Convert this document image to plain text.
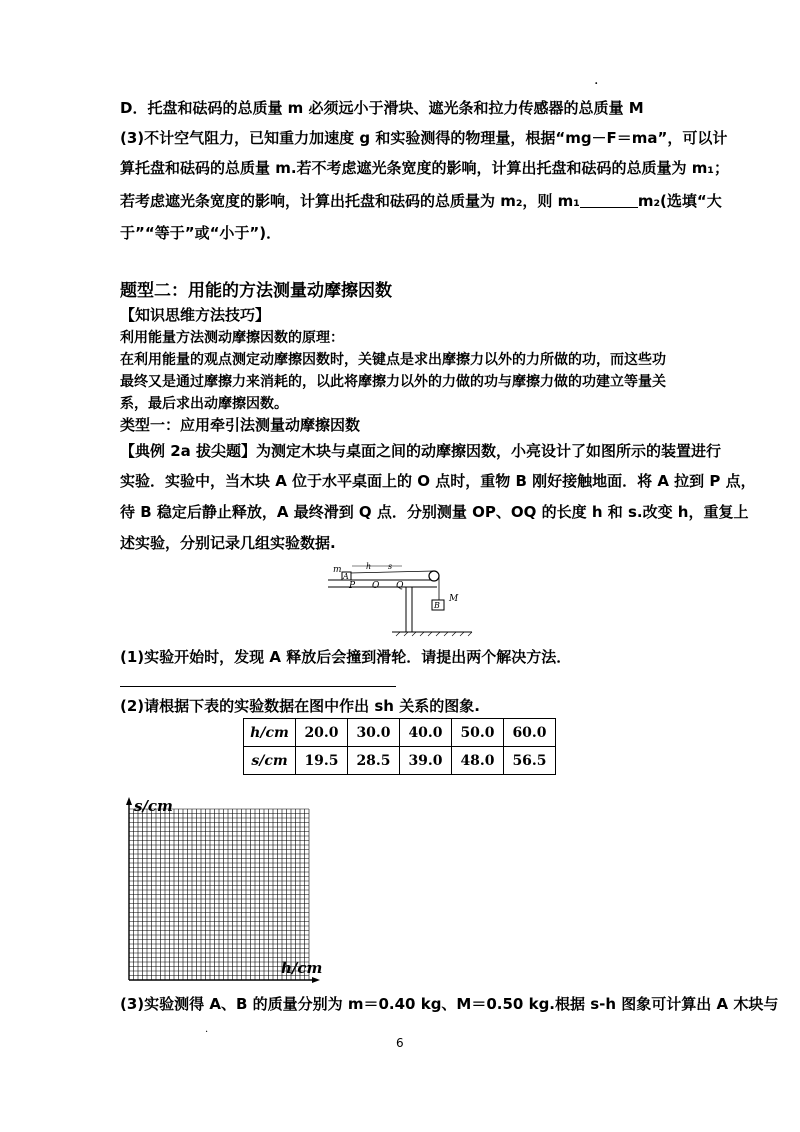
.
D．托盘和砝码的总质量 m 必须远小于滑块、遮光条和拉力传感器的总质量 M
(3)不计空气阻力，已知重力加速度 g 和实验测得的物理量，根据“mg－F＝ma”，可以计
算托盘和砝码的总质量 m.若不考虑遮光条宽度的影响，计算出托盘和砝码的总质量为 m₁；
若考虑遮光条宽度的影响，计算出托盘和砝码的总质量为 m₂，则 m₁	m₂(选填“大
于”“等于”或“小于”)．
题型二：用能的方法测量动摩擦因数
【知识思维方法技巧】
利用能量方法测动摩擦因数的原理：
在利用能量的观点测定动摩擦因数时，关键点是求出摩擦力以外的力所做的功，而这些功
最终又是通过摩擦力来消耗的，以此将摩擦力以外的力做的功与摩擦力做的功建立等量关
系，最后求出动摩擦因数。
类型一：应用牵引法测量动摩擦因数
【典例 2a 拔尖题】为测定木块与桌面之间的动摩擦因数，小亮设计了如图所示的装置进行
实验．实验中，当木块 A 位于水平桌面上的 O 点时，重物 B 刚好接触地面．将 A 拉到 P 点，
待 B 稳定后静止释放，A 最终滑到 Q 点．分别测量 OP、OQ 的长度 h 和 s.改变 h，重复上
述实验，分别记录几组实验数据.
m
A
h s
P O Q
M
B
(1)实验开始时，发现 A 释放后会撞到滑轮．请提出两个解决方法．
(2)请根据下表的实验数据在图中作出 sh 关系的图象.
h/cm	20.0	30.0	40.0	50.0	60.0
s/cm	19.5	28.5	39.0	48.0	56.5
s/cm
h/cm
(3)实验测得 A、B 的质量分别为 m＝0.40 kg、M＝0.50 kg.根据 s-h 图象可计算出 A 木块与
.
6
